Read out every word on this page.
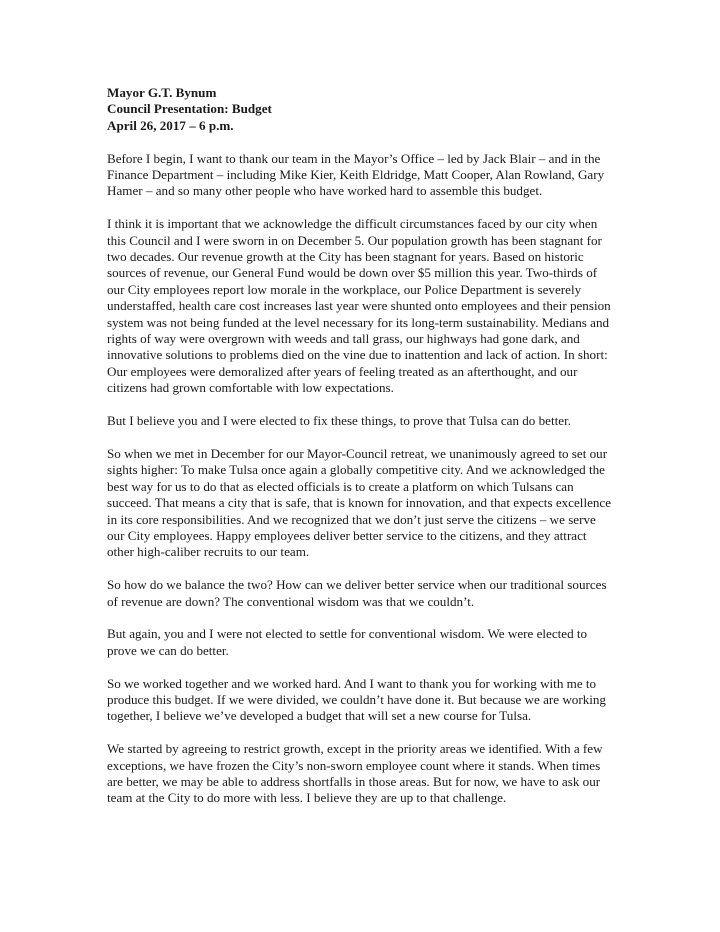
Mayor G.T. Bynum
Council Presentation: Budget
April 26, 2017 – 6 p.m.

Before I begin, I want to thank our team in the Mayor’s Office – led by Jack Blair – and in the Finance Department – including Mike Kier, Keith Eldridge, Matt Cooper, Alan Rowland, Gary Hamer – and so many other people who have worked hard to assemble this budget.

I think it is important that we acknowledge the difficult circumstances faced by our city when this Council and I were sworn in on December 5. Our population growth has been stagnant for two decades. Our revenue growth at the City has been stagnant for years. Based on historic sources of revenue, our General Fund would be down over $5 million this year. Two-thirds of our City employees report low morale in the workplace, our Police Department is severely understaffed, health care cost increases last year were shunted onto employees and their pension system was not being funded at the level necessary for its long-term sustainability. Medians and rights of way were overgrown with weeds and tall grass, our highways had gone dark, and innovative solutions to problems died on the vine due to inattention and lack of action. In short: Our employees were demoralized after years of feeling treated as an afterthought, and our citizens had grown comfortable with low expectations.

But I believe you and I were elected to fix these things, to prove that Tulsa can do better.

So when we met in December for our Mayor-Council retreat, we unanimously agreed to set our sights higher: To make Tulsa once again a globally competitive city. And we acknowledged the best way for us to do that as elected officials is to create a platform on which Tulsans can succeed. That means a city that is safe, that is known for innovation, and that expects excellence in its core responsibilities. And we recognized that we don’t just serve the citizens – we serve our City employees. Happy employees deliver better service to the citizens, and they attract other high-caliber recruits to our team.

So how do we balance the two? How can we deliver better service when our traditional sources of revenue are down? The conventional wisdom was that we couldn’t.

But again, you and I were not elected to settle for conventional wisdom. We were elected to prove we can do better.

So we worked together and we worked hard. And I want to thank you for working with me to produce this budget. If we were divided, we couldn’t have done it. But because we are working together, I believe we’ve developed a budget that will set a new course for Tulsa.

We started by agreeing to restrict growth, except in the priority areas we identified. With a few exceptions, we have frozen the City’s non-sworn employee count where it stands. When times are better, we may be able to address shortfalls in those areas. But for now, we have to ask our team at the City to do more with less. I believe they are up to that challenge.
